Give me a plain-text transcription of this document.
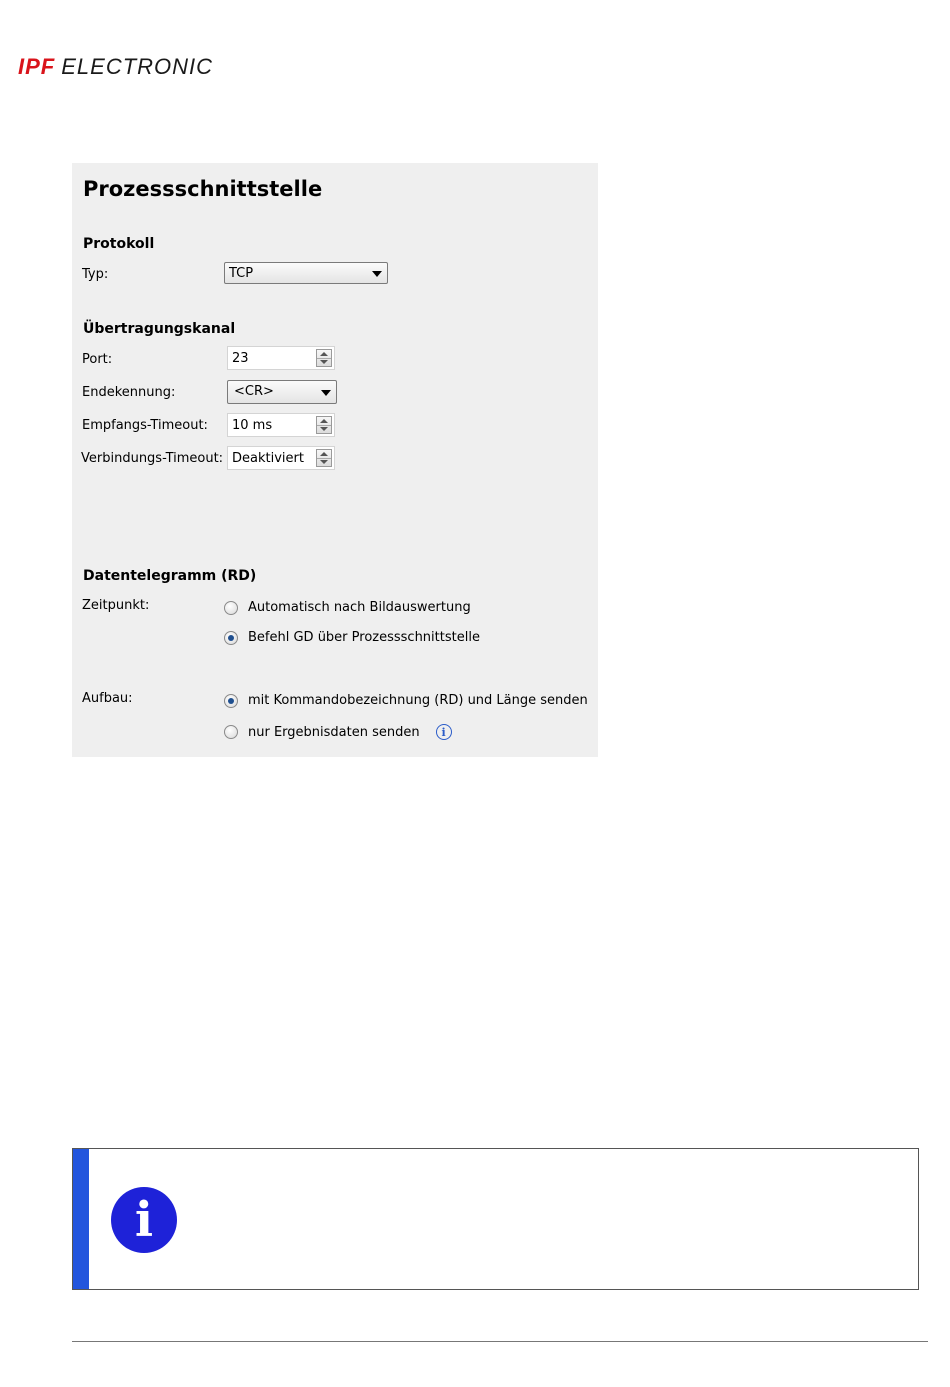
IPF ELECTRONIC
Prozessschnittstelle
Protokoll
Typ:	TCP
Übertragungskanal
Port:	23
Endekennung:	<CR>
Empfangs-Timeout: 10 ms
Verbindungs-Timeout: Deaktiviert
Datentelegramm (RD)
Zeitpunkt:	Automatisch nach Bildauswertung
Befehl GD über Prozessschnittstelle
Aufbau:	mit Kommandobezeichnung (RD) und Länge senden
nur Ergebnisdaten senden	i
i
